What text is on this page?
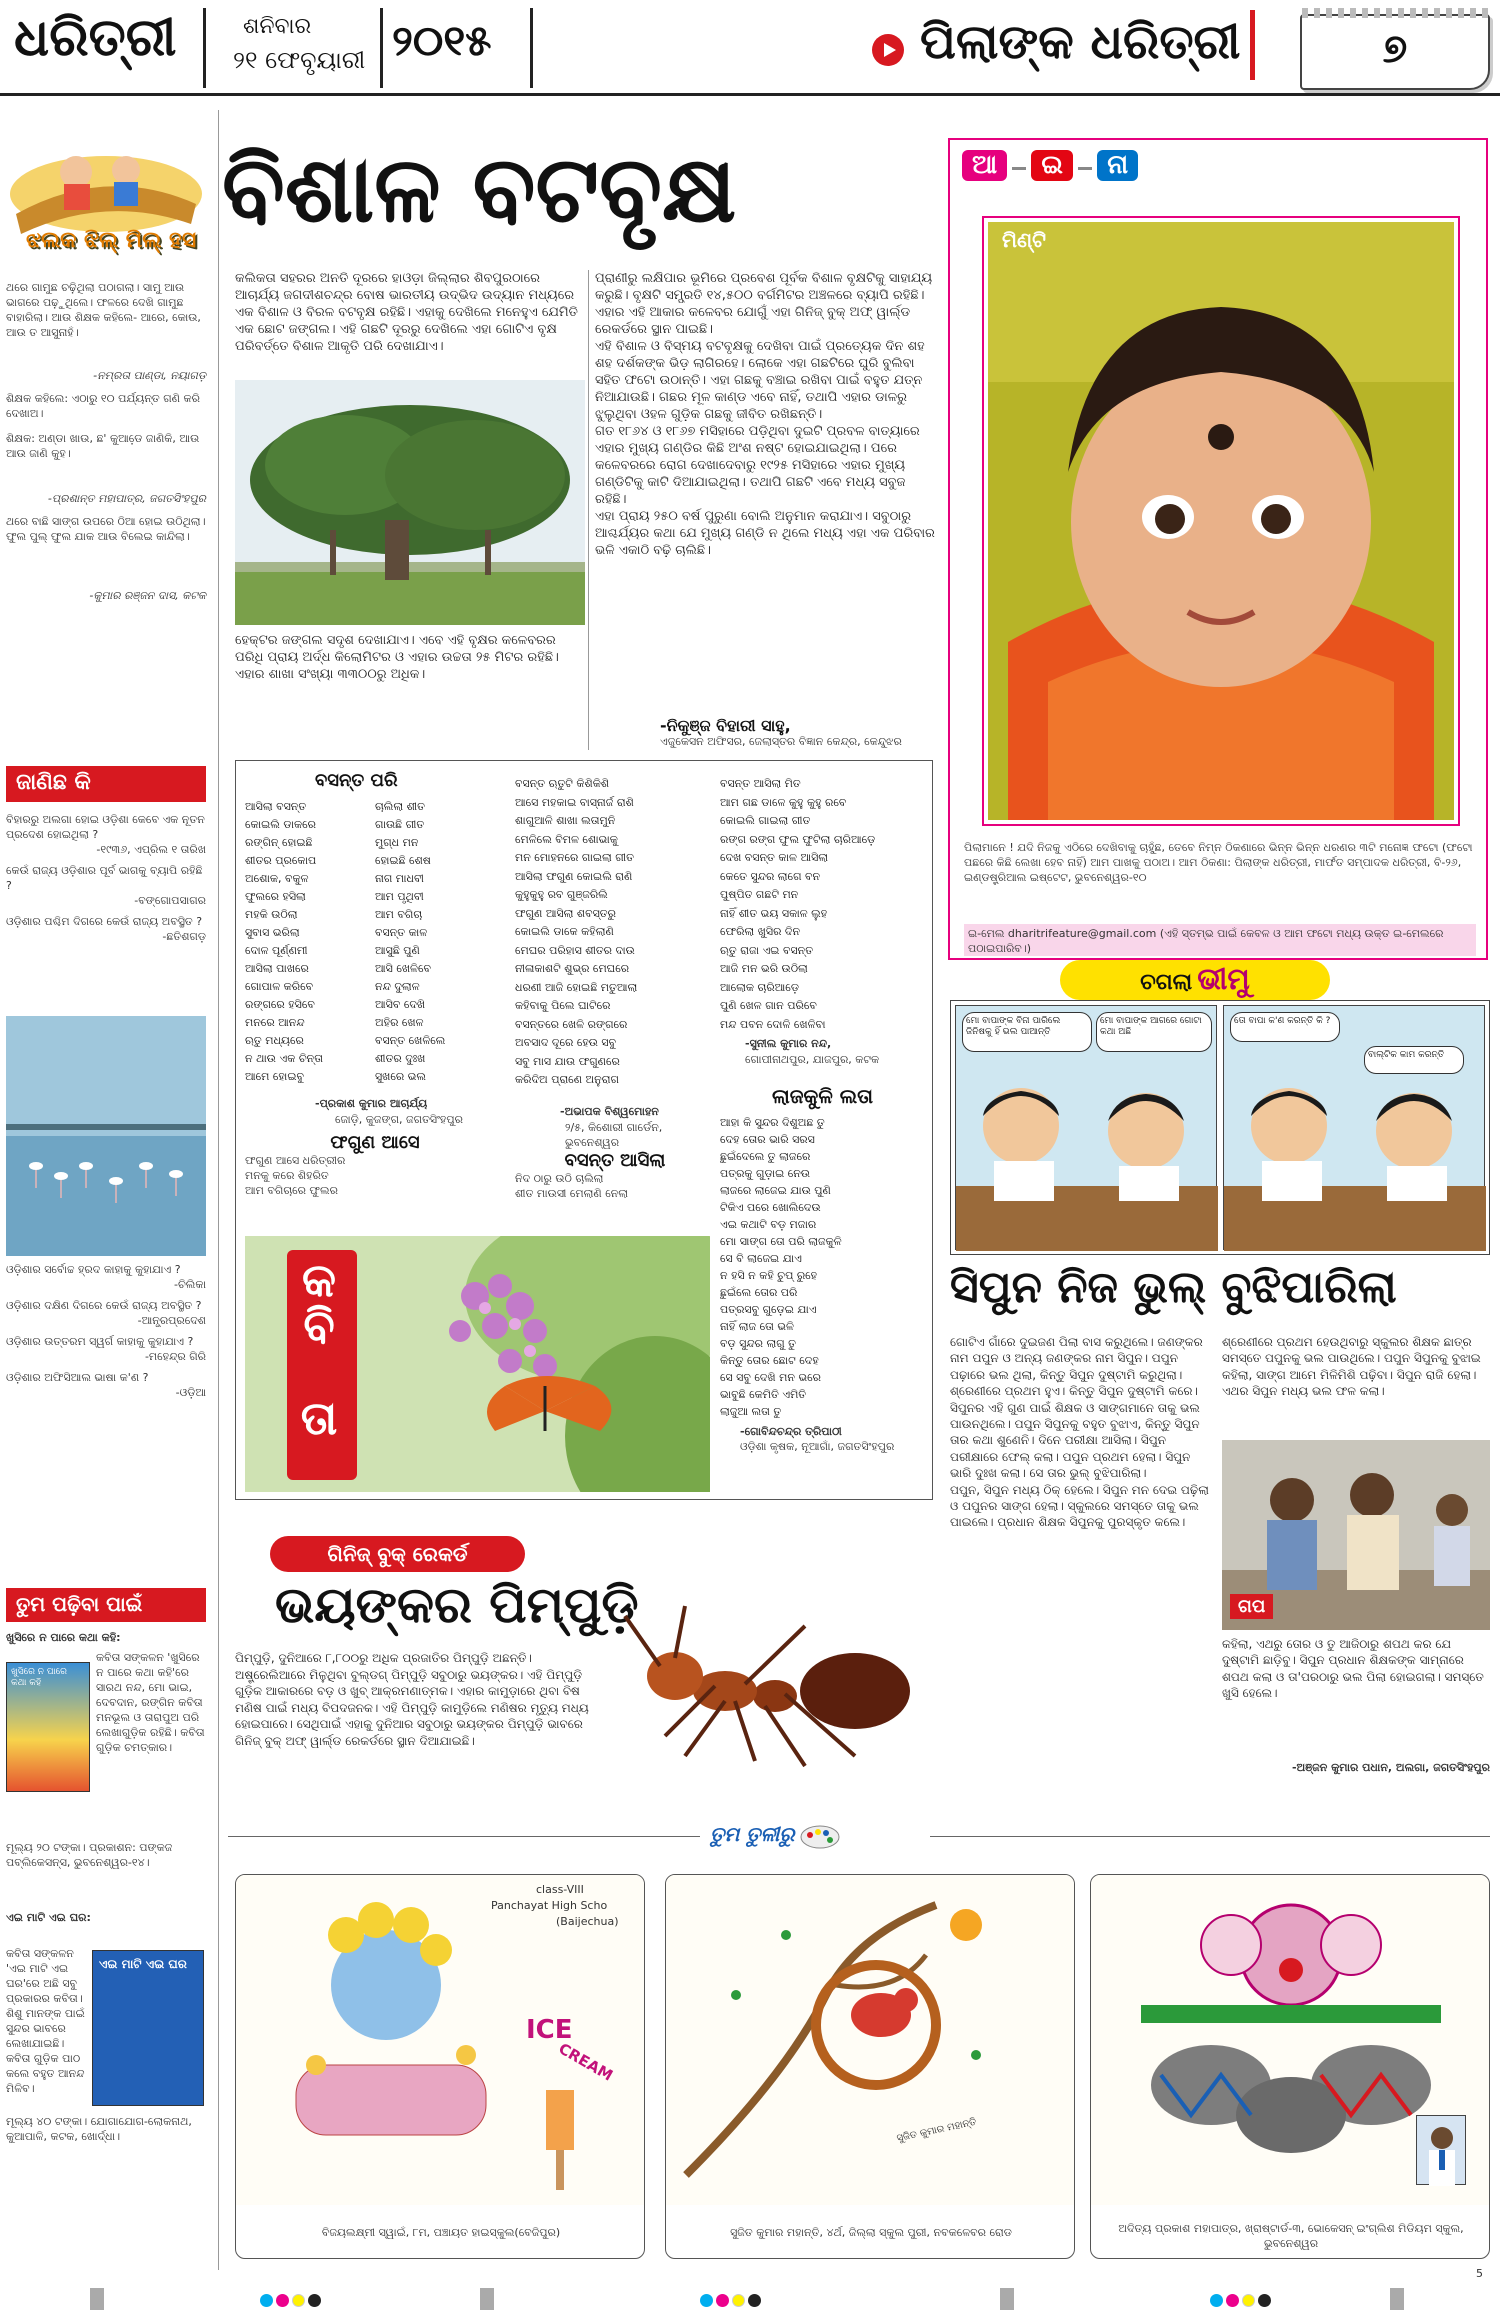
ଧରିତ୍ରୀ	ଶନିବାର
୨୧ ଫେବୃୟାରୀ ୨୦୧୫	ପିଲାଙ୍କ ଧରିତ୍ରୀ	୭
ଝଲକ ଝିଲ୍ ମିଲ୍ ହସ
ଥରେ ଗାମୁଛ ଚଢ଼ିଥିଲା ପଠାଗଲା। ସାମୁ ଆଉ ଭାଗରେ ପଢ଼ୁଥିଲେ। ଫଳରେ ଦେଖି ଗାମୁଛ ବାହାରିଲା। ଆଉ ଶିକ୍ଷକ କହିଲେ- ଆରେ, କୋଉ, ଆଉ ତ ଆସୁନାହଁ।
-ନମ୍ରତା ପାଣ୍ଡା, ନୟାଗଡ଼
ଶିକ୍ଷକ କହିଲେ: ଏଠାରୁ ୧୦ ପର୍ଯ୍ୟନ୍ତ ଗଣି କରି ଦେଖାଅ।
ଶିକ୍ଷକ: ଅଣ୍ଡା ଖାଉ, ଛ' କୁଆଡେ଼ ଜାଣିକି, ଆଉ ଆଉ ଜାଣି କୁହ।
-ପ୍ରଶାନ୍ତ ମହାପାତ୍ର, ଜଗତସିଂହପୁର
ଥରେ ବାଛି ସାଙ୍ଗ ଉପରେ ଠିଆ ହୋଇ ଉଠିଥିଲା। ଫୁଲ ପୁଲ୍ ଫୁଲ ଯାକ ଆଉ ବିଲେଇ କାନ୍ଦିଲା।
-କୁମାର ରଞ୍ଜନ ଦାସ, କଟକ
ଜାଣିଛ କି
ବିହାରରୁ ଅଲଗା ହୋଇ ଓଡ଼ିଶା କେବେ ଏକ ନୂତନ ପ୍ରଦେଶ ହୋଇଥିଲା ?
-୧୯୩୬, ଏପ୍ରିଲ ୧ ତାରିଖ
କେଉଁ ରାଜ୍ୟ ଓଡ଼ିଶାର ପୂର୍ବ ଭାଗକୁ ବ୍ୟାପି ରହିଛି ?
-ବଙ୍ଗୋପସାଗର
ଓଡ଼ିଶାର ପଶ୍ଚିମ ଦିଗରେ କେଉଁ ରାଜ୍ୟ ଅବସ୍ଥିତ ?
-ଛତିଶଗଡ଼
ଓଡ଼ିଶାର ସର୍ବୋଚ୍ଚ ହ୍ରଦ କାହାକୁ କୁହାଯାଏ ?
-ଚିଲିକା
ଓଡ଼ିଶାର ଦକ୍ଷିଣ ଦିଗରେ କେଉଁ ରାଜ୍ୟ ଅବସ୍ଥିତ ?
-ଆନ୍ଧ୍ରପ୍ରଦେଶ
ଓଡ଼ିଶାର ଉତ୍ତରମ ସ୍ୱର୍ଗ କାହାକୁ କୁହାଯାଏ ?
-ମହେନ୍ଦ୍ର ଗିରି
ଓଡ଼ିଶାର ଅଫିସିଆଲ ଭାଷା କ'ଣ ?
-ଓଡ଼ିଆ
ତୁମ ପଢ଼ିବା ପାଇଁ
ଖୁସିରେ ନ ପାରେ କଥା କହି:
ଖୁସିରେ ନ ପାରେ କଥା କହି
କବିତା ସଙ୍କଳନ 'ଖୁସିରେ ନ ପାରେ କଥା କହି'ରେ ସାରଥ ନନ୍ଦ, ମୋ ଭାଇ, ଦେବଦାନ, ରଙ୍ଗିନ କବିତା ମନଭୂଲ ଓ ତାରାପୁଅ ପରି ଲେଖାଗୁଡ଼ିକ ରହିଛି। କବିତା ଗୁଡ଼ିକ ଚମତ୍କାର।
ମୂଲ୍ୟ ୨୦ ଟଙ୍କା। ପ୍ରକାଶନ: ପଙ୍କଜ ପବ୍ଲିକେସନ୍ସ, ଭୁବନେଶ୍ୱର-୧୪।
ଏଇ ମାଟି ଏଇ ଘର:
କବିତା ସଙ୍କଳନ 'ଏଇ ମାଟି ଏଇ ଘର'ରେ ଅଛି ସବୁ ପ୍ରକାରର କବିତା। ଶିଶୁ ମାନଙ୍କ ପାଇଁ ସୁନ୍ଦର ଭାବରେ ଲେଖାଯାଇଛି। କବିତା ଗୁଡ଼ିକ ପାଠ କଲେ ବହୁତ ଆନନ୍ଦ ମିଳିବ।
ଏଇ ମାଟି ଏଇ ଘର
ମୂଲ୍ୟ ୪୦ ଟଙ୍କା। ଯୋଗାଯୋଗ-ଲୋକନାଥ, କୁଆପାଳି, କଟକ, ଖୋର୍ଦ୍ଧା।
ବିଶାଳ ବଟବୃକ୍ଷ
କଲିକତା ସହରର ଅନତି ଦୂରରେ ହାଓଡ଼ା ଜିଲ୍ଲାର ଶିବପୁରଠାରେ ଆଚାର୍ଯ୍ୟ ଜଗଦୀଶଚନ୍ଦ୍ର ବୋଷ ଭାରତୀୟ ଉଦ୍ଭିଦ ଉଦ୍ୟାନ ମଧ୍ୟରେ ଏକ ବିଶାଳ ଓ ବିରଳ ବଟବୃକ୍ଷ ରହିଛି। ଏହାକୁ ଦେଖିଲେ ମନେହୁଏ ଯେମିତି ଏକ ଛୋଟ ଜଙ୍ଗଲ। ଏହି ଗଛଟି ଦୂରରୁ ଦେଖିଲେ ଏହା ଗୋଟିଏ ବୃକ୍ଷ ପରିବର୍ତ୍ତେ ବିଶାଳ ଆକୃତି ପରି ଦେଖାଯାଏ।
ହେକ୍ଟର ଜଙ୍ଗଲ ସଦୃଶ ଦେଖାଯାଏ। ଏବେ ଏହି ବୃକ୍ଷର କଳେବରର ପରିଧି ପ୍ରାୟ ଅର୍ଦ୍ଧ କିଲୋମିଟର ଓ ଏହାର ଉଚ୍ଚତା ୨୫ ମିଟର ରହିଛି। ଏହାର ଶାଖା ସଂଖ୍ୟା ୩୩୦୦ରୁ ଅଧିକ।
ପ୍ରାଣୀରୁ ଲକ୍ଷିପାର ଭୂମିରେ ପ୍ରବେଶ ପୂର୍ବକ ବିଶାଳ ବୃକ୍ଷଟିକୁ ସାହାଯ୍ୟ କରୁଛି। ବୃକ୍ଷଟି ସମ୍ପ୍ରତି ୧୪,୫୦୦ ବର୍ଗମିଟର ଅଞ୍ଚଳରେ ବ୍ୟାପି ରହିଛି। ଏହାର ଏହି ଆକାର କଳେବର ଯୋଗୁଁ ଏହା ଗିନିଜ୍ ବୁକ୍ ଅଫ୍ ୱାର୍ଲ୍ଡ ରେକର୍ଡରେ ସ୍ଥାନ ପାଇଛି।
ଏହି ବିଶାଳ ଓ ବିସ୍ମୟ ବଟବୃକ୍ଷକୁ ଦେଖିବା ପାଇଁ ପ୍ରତ୍ୟେକ ଦିନ ଶହ ଶହ ଦର୍ଶକଙ୍କ ଭିଡ଼ ଲାଗିରହେ। ଲୋକେ ଏହା ଗଛଟିରେ ଘୁରି ବୁଲିବା ସହିତ ଫଟୋ ଉଠାନ୍ତି। ଏହା ଗଛକୁ ବଞ୍ଚାଇ ରଖିବା ପାଇଁ ବହୁତ ଯତ୍ନ ନିଆଯାଉଛି। ଗଛର ମୂଳ କାଣ୍ଡ ଏବେ ନାହିଁ, ତଥାପି ଏହାର ଡାଳରୁ ଝୁଲୁଥିବା ଓହଳ ଗୁଡ଼ିକ ଗଛକୁ ଜୀବିତ ରଖିଛନ୍ତି।
ଗତ ୧୮୬୪ ଓ ୧୮୬୭ ମସିହାରେ ପଡ଼ିଥିବା ଦୁଇଟି ପ୍ରବଳ ବାତ୍ୟାରେ ଏହାର ମୁଖ୍ୟ ଗଣ୍ଡିର କିଛି ଅଂଶ ନଷ୍ଟ ହୋଇଯାଇଥିଲା। ପରେ କଳେବରରେ ରୋଗ ଦେଖାଦେବାରୁ ୧୯୨୫ ମସିହାରେ ଏହାର ମୁଖ୍ୟ ଗଣ୍ଡିଟିକୁ କାଟି ଦିଆଯାଇଥିଲା। ତଥାପି ଗଛଟି ଏବେ ମଧ୍ୟ ସବୁଜ ରହିଛି।
ଏହା ପ୍ରାୟ ୨୫୦ ବର୍ଷ ପୁରୁଣା ବୋଲି ଅନୁମାନ କରାଯାଏ। ସବୁଠାରୁ ଆଶ୍ଚର୍ଯ୍ୟର କଥା ଯେ ମୁଖ୍ୟ ଗଣ୍ଡି ନ ଥିଲେ ମଧ୍ୟ ଏହା ଏକ ପରିବାର ଭଳି ଏକାଠି ବଢ଼ି ଚାଲିଛି।
-ନିକୁଞ୍ଜ ବିହାରୀ ସାହୁ,
ଏଜୁକେସନ ଅଫିସର, ଜେଲାସ୍ତର ବିଜ୍ଞାନ କେନ୍ଦ୍ର, କେନ୍ଦୁଝର
ଆ ଇ ନା
ମିଣ୍ଟି
ପିଲାମାନେ ! ଯଦି ନିଜକୁ ଏଠିରେ ଦେଖିବାକୁ ଚାହୁଁଛ, ତେବେ ନିମ୍ନ ଠିକଣାରେ ଭିନ୍ନ ଭିନ୍ନ ଧରଣର ୩ଟି ମନୋଜ୍ଞ ଫଟୋ (ଫଟୋ ପଛରେ କିଛି ଲେଖା ହେବ ନାହିଁ) ଆମ ପାଖକୁ ପଠାଅ। ଆମ ଠିକଣା: ପିଲାଙ୍କ ଧରିତ୍ରୀ, ମାର୍ଫତ ସମ୍ପାଦକ ଧରିତ୍ରୀ, ବି-୨୬, ଇଣ୍ଡଷ୍ଟ୍ରିଆଲ ଇଷ୍ଟେଟ, ଭୁବନେଶ୍ୱର-୧୦
ଇ-ମେଲ dharitrifeature@gmail.com (ଏହି ସ୍ତମ୍ଭ ପାଇଁ କେବଳ ଓ ଆମ ଫଟୋ ମଧ୍ୟ ଉକ୍ତ ଇ-ମେଲରେ ପଠାଇପାରିବ।)
ବସନ୍ତ ପରି
ଆସିଲା ବସନ୍ତ
କୋଇଲି ଡାକରେ
ରଙ୍ଗିନ୍ ହୋଇଛି
ଶୀତର ପ୍ରକୋପ
ଅଶୋକ, ବକୁଳ
ଫୁଲରେ ହସିଲା
ମହକି ଉଠିଲା
ସୁବାସ ଭରିଲା
ଦୋଳ ପୂର୍ଣ୍ଣମୀ
ଆସିଲା ପାଖରେ
ଗୋପାଳ କରିବେ
ରଙ୍ଗରେ ହସିବେ
ମନରେ ଆନନ୍ଦ
ଋତୁ ମଧ୍ୟରେ
ନ ଥାଉ ଏକ ଚିନ୍ତା
ଆମେ ହୋଇବୁ
ଚାଲିଲା ଶୀତ
ଗାଉଛି ଗୀତ
ମୁଗ୍ଧ ମନ
ହୋଇଛି ଶେଷ
ନାଗ ମାଧବୀ
ଆମ ପୃଥିବୀ
ଆମ ବଗିଚା
ବସନ୍ତ କାଳ
ଆସୁଛି ପୁଣି
ଆସି ଖେଳିବେ
ନନ୍ଦ ଦୁଲାଳ
ଆସିବ ଦେଖି
ଅହିର ଖେଳ
ବସନ୍ତ ଖେଳିଲେ
ଶୀତର ଦୁଃଖ
ସୁଖରେ ଭଲ
-ପ୍ରକାଶ କୁମାର ଆଚାର୍ଯ୍ୟ
ଜୋଡ଼ି, କୁଜଙ୍ଗ, ଜଗତସିଂହପୁର
ଫଗୁଣ ଆସେ
ଫଗୁଣ ଆସେ ଧରିତ୍ରୀର
ମନକୁ କରେ ଶିହରିତ
ଆମ ବଗିଚାରେ ଫୁଲର
ବସନ୍ତ ଋତୁଟି କିଶିକିଶି
ଆସେ ମହକାଇ ବାସ୍ନାର୍ଜ ରାଶି
ଶାଗୁଆଳି ଶାଖା ଲତାମୁନି
ମେଳିଲେ ବିମଳ ଶୋଭାକୁ
ମନ ମୋହନରେ ଗାଇଲା ଗୀତ
ଆସିଲା ଫଗୁଣ କୋଇଲି ରାଣି
କୁହୁକୁହୁ ରବ ଗୁଞ୍ଜରିଲି
ଫଗୁଣ ଆସିଲା ଶବସ୍ତରୁ
କୋଇଲି ଡାକେ କହିଲାଣି
ମେଘର ପରିହାସ ଶୀତର ଦାଉ
ନୀଳାକାଶଟି ଶୁଭ୍ର ମେଘରେ
ଧରଣୀ ଆଜି ହୋଇଛି ମତୁଆଲା
କହିବାକୁ ପିଲେ ଘାଟିରେ
ବସନ୍ତରେ ଖେଳି ରଙ୍ଗରେ
ଅବସାଦ ଦୂରେ ହେଉ ସବୁ
ସବୁ ମାସ ଯାଉ ଫଗୁଣରେ
କରିଦିଅ ପ୍ରାଣେ ଅନୁରାଗ
-ଅଭାପକ ବିଶ୍ୱମୋହନ
୨/୫, କିଶୋରୀ ଗାର୍ଡେନ, ଭୁବନେଶ୍ୱର
ବସନ୍ତ ଆସିଲା
ନିଦ ଠାରୁ ଉଠି ଚାଲିଲା
ଶୀତ ମାଉସୀ ମେଲାଣି ନେଲା
ବସନ୍ତ ଆସିଲା ମିତ
ଆମ ଗଛ ଡାଳେ କୁହୁ କୁହୁ ରବେ
କୋଇଲି ଗାଇଲା ଗୀତ
ରଙ୍ଗ ରଙ୍ଗ ଫୁଲ ଫୁଟିଲା ଚାରିଆଡ଼େ
ଦେଖ ବସନ୍ତ କାଳ ଆସିଲା
କେତେ ସୁନ୍ଦର ଲାଗେ ବନ
ପୁଷ୍ପିତ ଗଛଟି ମନ
ନାହିଁ ଶୀତ ଭୟ ସକାଳ ଲୁହ
ଫେରିଲା ଖୁସିର ଦିନ
ଋତୁ ରାଜା ଏଇ ବସନ୍ତ
ଆଜି ମନ ଭରି ଉଠିଲା
ଆଲୋକ ଚାରିଆଡ଼େ
ପୁଣି ଖେଳ ଗାନ ପରିବେ
ମନ୍ଦ ପବନ ଦୋଳି ଖେଳିବା
-ସୁନୀଲ କୁମାର ନନ୍ଦ,
ଗୋପୀନାଥପୁର, ଯାଜପୁର, କଟକ
ଲାଜକୁଳି ଲତା
ଆହା କି ସୁନ୍ଦର ଦିଶୁଅଛ ତୁ
ଦେହ ତୋର ଭାରି ସରସ
ଛୁଇଁଦେଲେ ତୁ ଲାଜରେ
ପତ୍ରକୁ ଗୁଡ଼ାଇ ନେଉ
ଲାଜରେ ଲାଜେଇ ଯାଉ ପୁଣି
ଟିକିଏ ପରେ ଖୋଲିଦେଉ
ଏଇ କଥାଟି ବଡ଼ ମଜାର
ମୋ ସାଙ୍ଗ ତୋ ପରି ଲାଜକୁଳି
ସେ ବି ଲାଜେଇ ଯାଏ
ନ ହସି ନ କହି ଚୁପ୍ ରୁହେ
ଛୁଇଁଲେ ତୋର ପରି
ପତ୍ରସବୁ ଗୁଡ଼େଇ ଯାଏ
ନାହିଁ ଲାଜ ତୋ ଭଳି
ବଡ଼ ସୁନ୍ଦର ଲାଗୁ ତୁ
କିନ୍ତୁ ତୋର ଛୋଟ ଦେହ
ସେ ସବୁ ଦେଖି ମନ ଭରେ
ଭାବୁଛି କେମିତି ଏମିତି
ଲାଜୁଆ ଲତା ତୁ
-ଗୋବିନ୍ଦଚନ୍ଦ୍ର ତ୍ରିପାଠୀ
ଓଡ଼ିଶା କୃଷକ, ନୂଆଗାଁ, ଜଗତସିଂହପୁର
କବିତା
ଗିନିଜ୍ ବୁକ୍ ରେକର୍ଡ
ଭୟଙ୍କର ପିମ୍ପୁଡ଼ି
ପିମ୍ପୁଡ଼ି, ଦୁନିଆରେ ୮,୮୦୦ରୁ ଅଧିକ ପ୍ରଜାତିର ପିମ୍ପୁଡ଼ି ଅଛନ୍ତି। ଅଷ୍ଟ୍ରେଲିଆରେ ମିଳୁଥିବା ବୁଲ୍‌ଡଗ୍ ପିମ୍ପୁଡ଼ି ସବୁଠାରୁ ଭୟଙ୍କର। ଏହି ପିମ୍ପୁଡ଼ି ଗୁଡ଼ିକ ଆକାରରେ ବଡ଼ ଓ ଖୁବ୍ ଆକ୍ରମଣାତ୍ମକ। ଏହାର କାମୁଡ଼ାରେ ଥିବା ବିଷ ମଣିଷ ପାଇଁ ମଧ୍ୟ ବିପଦଜନକ। ଏହି ପିମ୍ପୁଡ଼ି କାମୁଡ଼ିଲେ ମଣିଷର ମୃତ୍ୟୁ ମଧ୍ୟ ହୋଇପାରେ। ସେଥିପାଇଁ ଏହାକୁ ଦୁନିଆର ସବୁଠାରୁ ଭୟଙ୍କର ପିମ୍ପୁଡ଼ି ଭାବରେ ଗିନିଜ୍ ବୁକ୍ ଅଫ୍ ୱାର୍ଲ୍ଡ ରେକର୍ଡରେ ସ୍ଥାନ ଦିଆଯାଇଛି।
ଚଗଲା ଭୀମୁ
ମୋ ବାପାଙ୍କ ବିନା ପାରିଲେ ଜିନିଷକୁ ହିଁ ଭଲ ପାଆନ୍ତି
ମୋ ବାପାଙ୍କ ଆଗରେ ଗୋଟା କଥା ଅଛି
ତୋ ବାପା କ'ଣ କରନ୍ତି କି ?
ବାଲ୍ଟିକ କାମ କରନ୍ତି
ସିପୁନ ନିଜ ଭୁଲ୍ ବୁଝିପାରିଲା
ଗୋଟିଏ ଗାଁରେ ଦୁଇଜଣ ପିଲା ବାସ କରୁଥିଲେ। ଜଣଙ୍କର ନାମ ପପୁନ ଓ ଅନ୍ୟ ଜଣଙ୍କର ନାମ ସିପୁନ। ପପୁନ ପଢ଼ାରେ ଭଲ ଥିଲା, କିନ୍ତୁ ସିପୁନ ଦୁଷ୍ଟାମି କରୁଥିଲା। ଶ୍ରେଣୀରେ ପ୍ରଥମ ହୁଏ। କିନ୍ତୁ ସିପୁନ ଦୁଷ୍ଟାମି କରେ। ସିପୁନର ଏହି ଗୁଣ ପାଇଁ ଶିକ୍ଷକ ଓ ସାଙ୍ଗମାନେ ତାକୁ ଭଲ ପାଉନଥିଲେ। ପପୁନ ସିପୁନକୁ ବହୁତ ବୁଝାଏ, କିନ୍ତୁ ସିପୁନ ତାର କଥା ଶୁଣେନି। ଦିନେ ପରୀକ୍ଷା ଆସିଲା। ସିପୁନ ପରୀକ୍ଷାରେ ଫେଲ୍ କଲା। ପପୁନ ପ୍ରଥମ ହେଲା। ସିପୁନ ଭାରି ଦୁଃଖ କଲା। ସେ ତାର ଭୁଲ୍ ବୁଝିପାରିଲା।
ପପୁନ, ସିପୁନ ମଧ୍ୟ ଠିକ୍ ହେଲେ। ସିପୁନ ମନ ଦେଇ ପଢ଼ିଲା ଓ ପପୁନର ସାଙ୍ଗ ହେଲା। ସ୍କୁଲରେ ସମସ୍ତେ ତାକୁ ଭଲ ପାଇଲେ। ପ୍ରଧାନ ଶିକ୍ଷକ ସିପୁନକୁ ପୁରସ୍କୃତ କଲେ।
ଶ୍ରେଣୀରେ ପ୍ରଥମ ହେଉଥିବାରୁ ସ୍କୁଲର ଶିକ୍ଷକ ଛାତ୍ର ସମସ୍ତେ ପପୁନକୁ ଭଲ ପାଉଥିଲେ। ପପୁନ ସିପୁନକୁ ବୁଝାଇ କହିଲା, ସାଙ୍ଗ ଆମେ ମିଳିମିଶି ପଢ଼ିବା। ସିପୁନ ରାଜି ହେଲା। ଏଥର ସିପୁନ ମଧ୍ୟ ଭଲ ଫଳ କଲା।
ଗପ
କହିଲା, ଏଥରୁ ତୋର ଓ ତୁ ଆଜିଠାରୁ ଶପଥ କର ଯେ ଦୁଷ୍ଟାମି ଛାଡ଼ିବୁ। ସିପୁନ ପ୍ରଧାନ ଶିକ୍ଷକଙ୍କ ସାମ୍ନାରେ ଶପଥ କଲା ଓ ତା'ପରଠାରୁ ଭଲ ପିଲା ହୋଇଗଲା। ସମସ୍ତେ ଖୁସି ହେଲେ।
-ଅଞ୍ଜନ କୁମାର ପଧାନ, ଅଲଗା, ଜଗତସିଂହପୁର
ତୁମ ତୁଳୀରୁ
ICE
CREAM
class-VIII
Panchayat High Scho
(Baijechua)
ବିଜୟଲକ୍ଷ୍ମୀ ସ୍ୱାଇଁ, ୮ମ, ପଞ୍ଚାୟତ ହାଇସ୍କୁଲ(ବେଜିପୁର)
ସୁଜିତ କୁମାର ମହାନ୍ତି
ସୁଜିତ କୁମାର ମହାନ୍ତି, ୪ର୍ଥ, ଜିଲ୍ଲା ସ୍କୁଲ ପୁରୀ, ନବକଳେବର ରୋଡ	ଅଦିତ୍ୟ ପ୍ରକାଶ ମହାପାତ୍ର, ଖ୍ରାଷ୍ଟାର୍ଡ-୩, ଭୋକେସନ୍ ଇଂଗ୍ଲିଶ ମିଡିୟମ ସ୍କୁଲ, ଭୁବନେଶ୍ୱର
5
